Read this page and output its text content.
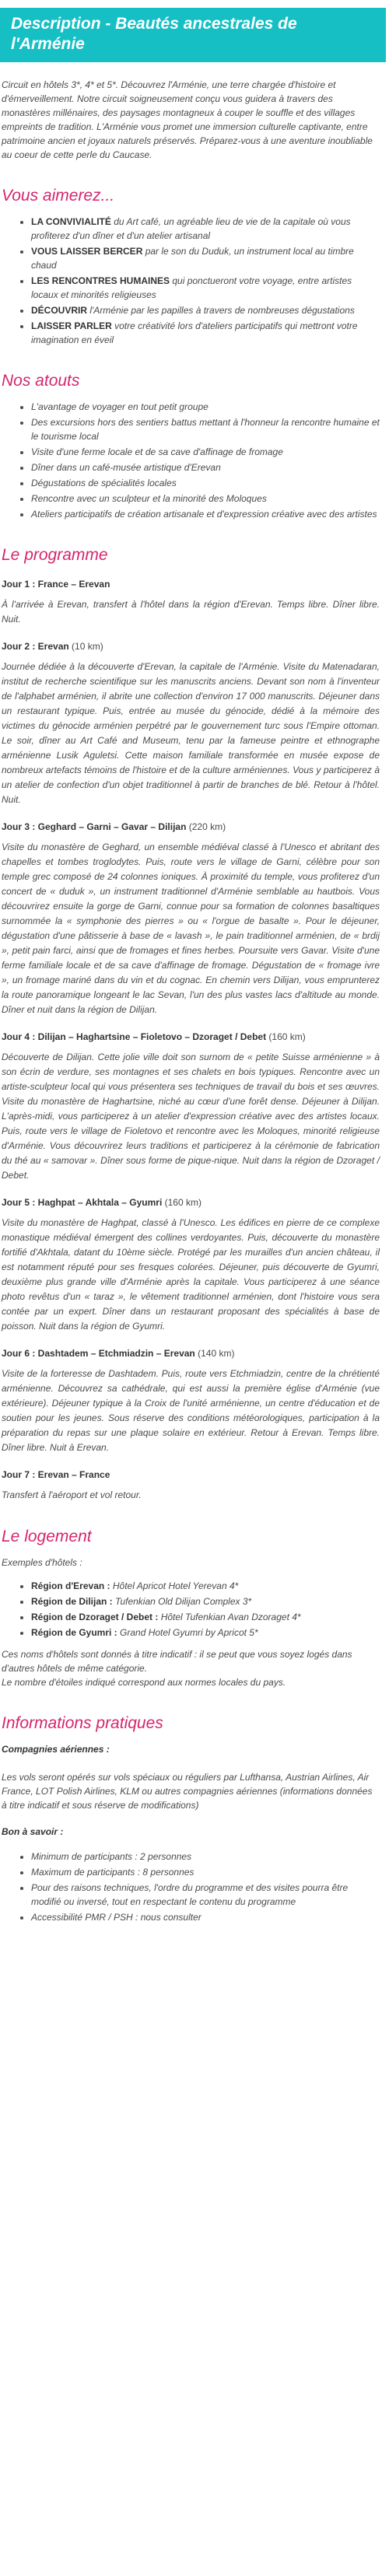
Description - Beautés ancestrales de l'Arménie

Circuit en hôtels 3*, 4* et 5*. Découvrez l'Arménie, une terre chargée d'histoire et d'émerveillement. Notre circuit soigneusement conçu vous guidera à travers des monastères millénaires, des paysages montagneux à couper le souffle et des villages empreints de tradition. L'Arménie vous promet une immersion culturelle captivante, entre patrimoine ancien et joyaux naturels préservés. Préparez-vous à une aventure inoubliable au coeur de cette perle du Caucase.

Vous aimerez...
• LA CONVIVIALITÉ du Art café, un agréable lieu de vie de la capitale où vous profiterez d'un dîner et d'un atelier artisanal
• VOUS LAISSER BERCER par le son du Duduk, un instrument local au timbre chaud
• LES RENCONTRES HUMAINES qui ponctueront votre voyage, entre artistes locaux et minorités religieuses
• DÉCOUVRIR l'Arménie par les papilles à travers de nombreuses dégustations
• LAISSER PARLER votre créativité lors d'ateliers participatifs qui mettront votre imagination en éveil
Nos atouts
• L'avantage de voyager en tout petit groupe
• Des excursions hors des sentiers battus mettant à l'honneur la rencontre humaine et le tourisme local
• Visite d'une ferme locale et de sa cave d'affinage de fromage
• Dîner dans un café-musée artistique d'Erevan
• Dégustations de spécialités locales
• Rencontre avec un sculpteur et la minorité des Moloques
• Ateliers participatifs de création artisanale et d'expression créative avec des artistes
Le programme
Jour 1 : France – Erevan

À l'arrivée à Erevan, transfert à l'hôtel dans la région d'Erevan. Temps libre. Dîner libre. Nuit.

Jour 2 : Erevan (10 km)

Journée dédiée à la découverte d'Erevan, la capitale de l'Arménie. Visite du Matenadaran, institut de recherche scientifique sur les manuscrits anciens. Devant son nom à l'inventeur de l'alphabet arménien, il abrite une collection d'environ 17 000 manuscrits. Déjeuner dans un restaurant typique. Puis, entrée au musée du génocide, dédié à la mémoire des victimes du génocide arménien perpétré par le gouvernement turc sous l'Empire ottoman. Le soir, dîner au Art Café and Museum, tenu par la fameuse peintre et ethnographe arménienne Lusik Aguletsi. Cette maison familiale transformée en musée expose de nombreux artefacts témoins de l'histoire et de la culture arméniennes. Vous y participerez à un atelier de confection d'un objet traditionnel à partir de branches de blé. Retour à l'hôtel. Nuit.

Jour 3 : Geghard – Garni – Gavar – Dilijan (220 km)

Visite du monastère de Geghard, un ensemble médiéval classé à l'Unesco et abritant des chapelles et tombes troglodytes. Puis, route vers le village de Garni, célèbre pour son temple grec composé de 24 colonnes ioniques. À proximité du temple, vous profiterez d'un concert de « duduk », un instrument traditionnel d'Arménie semblable au hautbois. Vous découvrirez ensuite la gorge de Garni, connue pour sa formation de colonnes basaltiques surnommée la « symphonie des pierres » ou « l'orgue de basalte ». Pour le déjeuner, dégustation d'une pâtisserie à base de « lavash », le pain traditionnel arménien, de « brdij », petit pain farci, ainsi que de fromages et fines herbes. Poursuite vers Gavar. Visite d'une ferme familiale locale et de sa cave d'affinage de fromage. Dégustation de « fromage ivre », un fromage mariné dans du vin et du cognac. En chemin vers Dilijan, vous emprunterez la route panoramique longeant le lac Sevan, l'un des plus vastes lacs d'altitude au monde. Dîner et nuit dans la région de Dilijan.

Jour 4 : Dilijan – Haghartsine – Fioletovo – Dzoraget / Debet (160 km)

Découverte de Dilijan. Cette jolie ville doit son surnom de « petite Suisse arménienne » à son écrin de verdure, ses montagnes et ses chalets en bois typiques. Rencontre avec un artiste-sculpteur local qui vous présentera ses techniques de travail du bois et ses œuvres. Visite du monastère de Haghartsine, niché au cœur d'une forêt dense. Déjeuner à Dilijan. L'après-midi, vous participerez à un atelier d'expression créative avec des artistes locaux. Puis, route vers le village de Fioletovo et rencontre avec les Moloques, minorité religieuse d'Arménie. Vous découvrirez leurs traditions et participerez à la cérémonie de fabrication du thé au « samovar ». Dîner sous forme de pique-nique. Nuit dans la région de Dzoraget / Debet.

Jour 5 : Haghpat – Akhtala – Gyumri (160 km)

Visite du monastère de Haghpat, classé à l'Unesco. Les édifices en pierre de ce complexe monastique médiéval émergent des collines verdoyantes. Puis, découverte du monastère fortifié d'Akhtala, datant du 10ème siècle. Protégé par les murailles d'un ancien château, il est notamment réputé pour ses fresques colorées. Déjeuner, puis découverte de Gyumri, deuxième plus grande ville d'Arménie après la capitale. Vous participerez à une séance photo revêtus d'un « taraz », le vêtement traditionnel arménien, dont l'histoire vous sera contée par un expert. Dîner dans un restaurant proposant des spécialités à base de poisson. Nuit dans la région de Gyumri.

Jour 6 : Dashtadem – Etchmiadzin – Erevan (140 km)

Visite de la forteresse de Dashtadem. Puis, route vers Etchmiadzin, centre de la chrétienté arménienne. Découvrez sa cathédrale, qui est aussi la première église d'Arménie (vue extérieure). Déjeuner typique à la Croix de l'unité arménienne, un centre d'éducation et de soutien pour les jeunes. Sous réserve des conditions météorologiques, participation à la préparation du repas sur une plaque solaire en extérieur. Retour à Erevan. Temps libre. Dîner libre. Nuit à Erevan.

Jour 7 : Erevan – France

Transfert à l'aéroport et vol retour.

Le logement
Exemples d'hôtels :
• Région d'Erevan : Hôtel Apricot Hotel Yerevan 4*
• Région de Dilijan : Tufenkian Old Dilijan Complex 3*
• Région de Dzoraget / Debet : Hôtel Tufenkian Avan Dzoraget 4*
• Région de Gyumri : Grand Hotel Gyumri by Apricot 5*

Ces noms d'hôtels sont donnés à titre indicatif : il se peut que vous soyez logés dans d'autres hôtels de même catégorie.
Le nombre d'étoiles indiqué correspond aux normes locales du pays.

Informations pratiques
Compagnies aériennes :

Les vols seront opérés sur vols spéciaux ou réguliers par Lufthansa, Austrian Airlines, Air France, LOT Polish Airlines, KLM ou autres compagnies aériennes (informations données à titre indicatif et sous réserve de modifications)

Bon à savoir :
• Minimum de participants : 2 personnes
• Maximum de participants : 8 personnes
• Pour des raisons techniques, l'ordre du programme et des visites pourra être modifié ou inversé, tout en respectant le contenu du programme
• Accessibilité PMR / PSH : nous consulter
